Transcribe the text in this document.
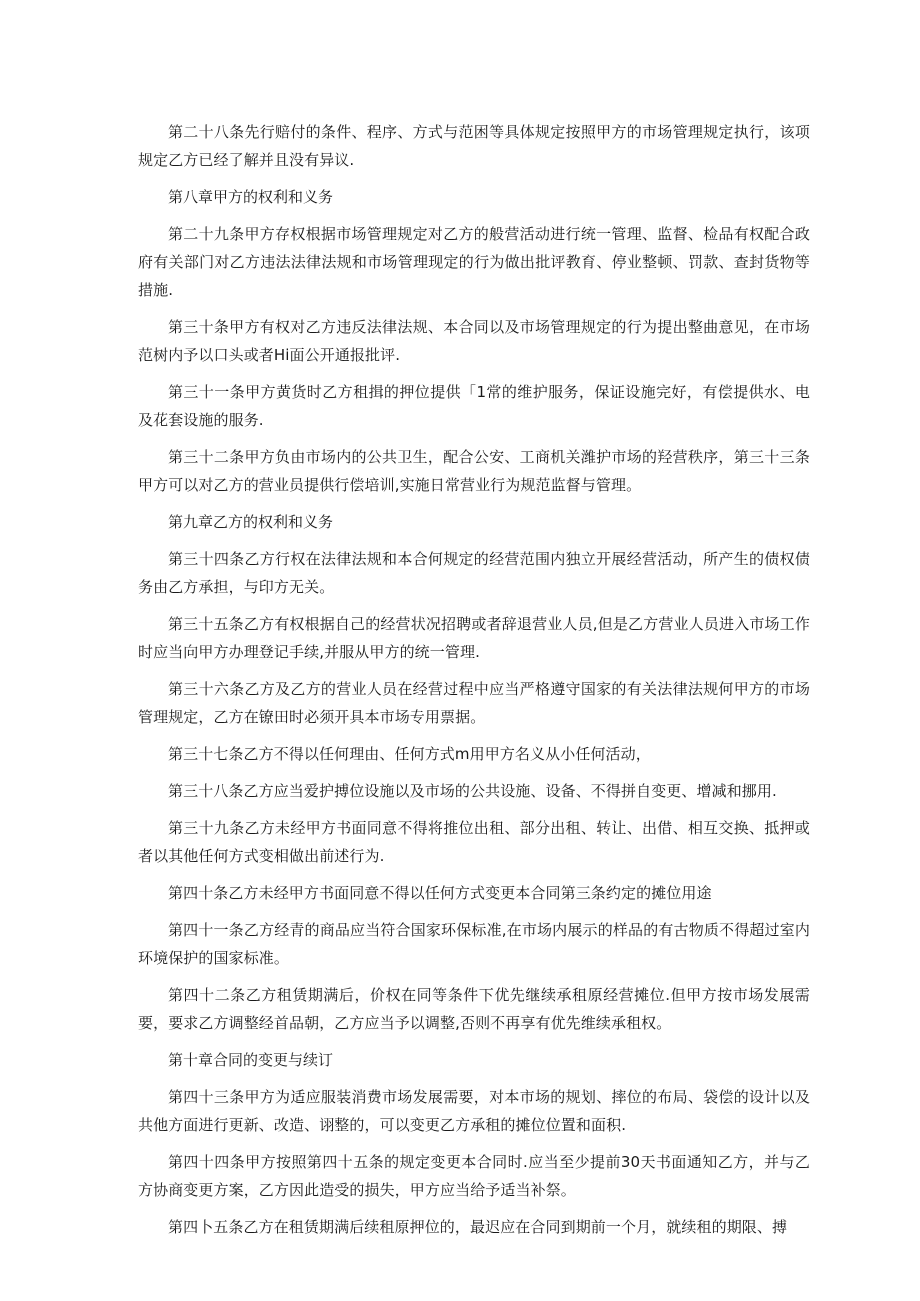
第二十八条先行赔付的条件、程序、方式与范困等具体规定按照甲方的市场管理规定执行，该项规定乙方已经了解并且没有异议.

第八章甲方的权利和义务

第二十九条甲方存权根据市场管理规定对乙方的般营活动进行统一管理、监督、检品有权配合政府有关部门对乙方违法法律法规和市场管理现定的行为做出批评教育、停业整顿、罚款、查封货物等措施.

第三十条甲方有权对乙方违反法律法规、本合同以及市场管理规定的行为提出整曲意见，在市场范树内予以口头或者Hi面公开通报批评.

第三十一条甲方黄货时乙方租揖的押位提供「1常的维护服务，保证设施完好，有偿提供水、电及花套设施的服务.

第三十二条甲方负由市场内的公共卫生，配合公安、工商机关潍护市场的羟营秩序，第三十三条甲方可以对乙方的营业员提供行偿培训,实施日常营业行为规范监督与管理。

第九章乙方的权利和义务

第三十四条乙方行权在法律法规和本合何规定的经营范围内独立开展经营活动，所产生的债权债务由乙方承担，与印方无关。

第三十五条乙方有权根据自己的经营状况招聘或者辞退营业人员,但是乙方营业人员进入市场工作时应当向甲方办理登记手续,并服从甲方的统一管理.

第三十六条乙方及乙方的营业人员在经营过程中应当严格遵守国家的有关法律法规何甲方的市场管理规定，乙方在镣田时必须开具本市场专用票据。

第三十七条乙方不得以任何理由、任何方式m用甲方名义从小任何活动，

第三十八条乙方应当爱护搏位设施以及市场的公共设施、设备、不得拼自变更、增减和挪用.

第三十九条乙方未经甲方书面同意不得将推位出租、部分出租、转让、出借、相互交换、抵押或者以其他任何方式变相做出前述行为.

第四十条乙方未经甲方书面同意不得以任何方式变更本合同第三条约定的摊位用途

第四十一条乙方经青的商品应当符合国家环保标准,在市场内展示的样品的有古物质不得超过室内环境保护的国家标准。

第四十二条乙方租赁期满后，价权在同等条件下优先继续承租原经营摊位.但甲方按市场发展需要，要求乙方调整经首品朝，乙方应当予以调整,否则不再享有优先维续承租权。

第十章合同的变更与续订

第四十三条甲方为适应服装消费市场发展需要，对本市场的规划、摔位的布局、袋偿的设计以及共他方面进行更新、改造、诩整的，可以变更乙方承租的摊位位置和面积.

第四十四条甲方按照第四十五条的规定变更本合同时.应当至少提前30天书面通知乙方，并与乙方协商变更方案，乙方因此造受的损失，甲方应当给予适当补祭。

第四卜五条乙方在租赁期满后续租原押位的，最迟应在合同到期前一个月，就续租的期限、搏
